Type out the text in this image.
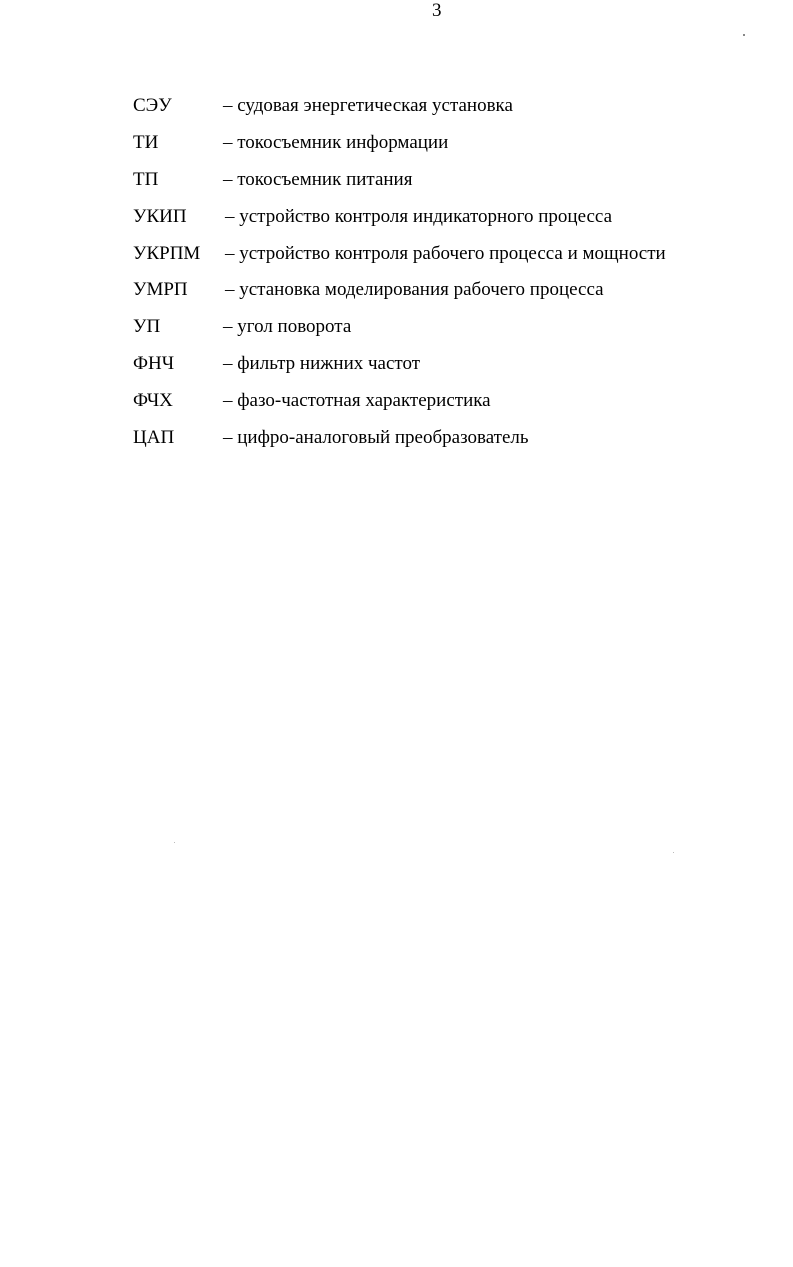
3
СЭУ	– судовая энергетическая установка
ТИ	– токосъемник информации
ТП	– токосъемник питания
УКИП	– устройство контроля индикаторного процесса
УКРПМ	– устройство контроля рабочего процесса и мощности
УМРП	– установка моделирования рабочего процесса
УП	– угол поворота
ФНЧ	– фильтр нижних частот
ФЧХ	– фазо-частотная характеристика
ЦАП	– цифро-аналоговый преобразователь
